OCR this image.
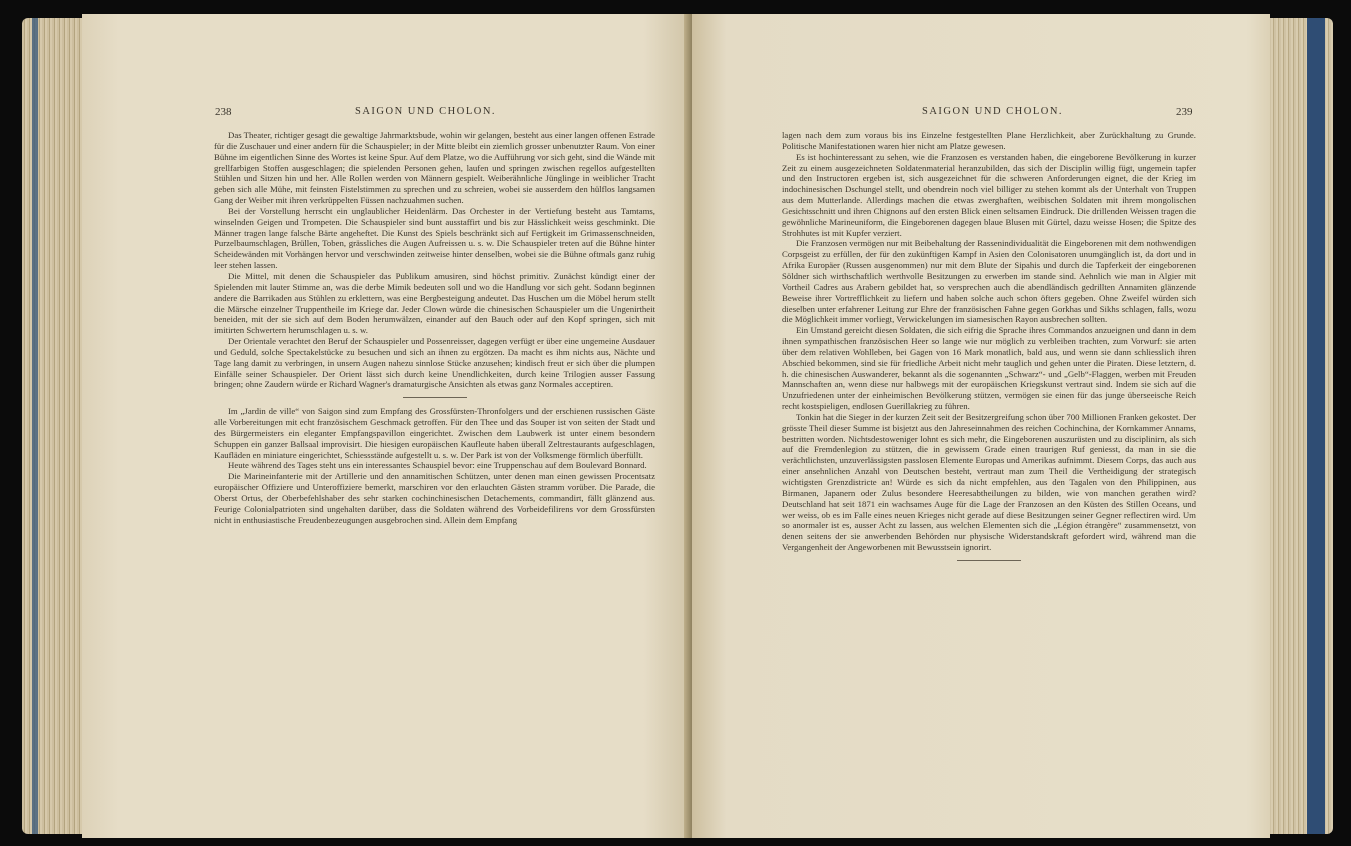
238	SAIGON UND CHOLON.

Das Theater, richtiger gesagt die gewaltige Jahrmarktsbude, wohin wir gelangen, besteht aus einer langen offenen Estrade für die Zuschauer und einer andern für die Schauspieler; in der Mitte bleibt ein ziemlich grosser unbenutzter Raum. Von einer Bühne im eigentlichen Sinne des Wortes ist keine Spur. Auf dem Platze, wo die Aufführung vor sich geht, sind die Wände mit grellfarbigen Stoffen ausgeschlagen; die spielenden Personen gehen, laufen und springen zwischen regellos aufgestellten Stühlen und Sitzen hin und her. Alle Rollen werden von Männern gespielt. Weiberähnliche Jünglinge in weiblicher Tracht geben sich alle Mühe, mit feinsten Fistelstimmen zu sprechen und zu schreien, wobei sie ausserdem den hülflos langsamen Gang der Weiber mit ihren verkrüppelten Füssen nachzuahmen suchen.

Bei der Vorstellung herrscht ein unglaublicher Heidenlärm. Das Orchester in der Vertiefung besteht aus Tamtams, winselnden Geigen und Trompeten. Die Schauspieler sind bunt ausstaffirt und bis zur Hässlichkeit weiss geschminkt. Die Männer tragen lange falsche Bärte angeheftet. Die Kunst des Spiels beschränkt sich auf Fertigkeit im Grimassenschneiden, Purzelbaumschlagen, Brüllen, Toben, grässliches die Augen Aufreissen u. s. w. Die Schauspieler treten auf die Bühne hinter Scheidewänden mit Vorhängen hervor und verschwinden zeitweise hinter denselben, wobei sie die Bühne oftmals ganz ruhig leer stehen lassen.

Die Mittel, mit denen die Schauspieler das Publikum amusiren, sind höchst primitiv. Zunächst kündigt einer der Spielenden mit lauter Stimme an, was die derbe Mimik bedeuten soll und wo die Handlung vor sich geht. Sodann beginnen andere die Barrikaden aus Stühlen zu erklettern, was eine Bergbesteigung andeutet. Das Huschen um die Möbel herum stellt die Märsche einzelner Truppentheile im Kriege dar. Jeder Clown würde die chinesischen Schauspieler um die Ungenirtheit beneiden, mit der sie sich auf dem Boden herumwälzen, einander auf den Bauch oder auf den Kopf springen, sich mit imitirten Schwertern herumschlagen u. s. w.

Der Orientale verachtet den Beruf der Schauspieler und Possenreisser, dagegen verfügt er über eine ungemeine Ausdauer und Geduld, solche Spectakelstücke zu besuchen und sich an ihnen zu ergötzen. Da macht es ihm nichts aus, Nächte und Tage lang damit zu verbringen, in unsern Augen nahezu sinnlose Stücke anzusehen; kindisch freut er sich über die plumpen Einfälle seiner Schauspieler. Der Orient lässt sich durch keine Unendlichkeiten, durch keine Trilogien ausser Fassung bringen; ohne Zaudern würde er Richard Wagner's dramaturgische Ansichten als etwas ganz Normales acceptiren.

Im „Jardin de ville“ von Saigon sind zum Empfang des Grossfürsten-Thronfolgers und der erschienen russischen Gäste alle Vorbereitungen mit echt französischem Geschmack getroffen. Für den Thee und das Souper ist von seiten der Stadt und des Bürgermeisters ein eleganter Empfangspavillon eingerichtet. Zwischen dem Laubwerk ist unter einem besondern Schuppen ein ganzer Ballsaal improvisirt. Die hiesigen europäischen Kaufleute haben überall Zeltrestaurants aufgeschlagen, Kaufläden en miniature eingerichtet, Schiessstände aufgestellt u. s. w. Der Park ist von der Volksmenge förmlich überfüllt.

Heute während des Tages steht uns ein interessantes Schauspiel bevor: eine Truppenschau auf dem Boulevard Bonnard.

Die Marineinfanterie mit der Artillerie und den annamitischen Schützen, unter denen man einen gewissen Procentsatz europäischer Offiziere und Unteroffiziere bemerkt, marschiren vor den erlauchten Gästen stramm vorüber. Die Parade, die Oberst Ortus, der Oberbefehlshaber des sehr starken cochinchinesischen Detachements, commandirt, fällt glänzend aus. Feurige Colonialpatrioten sind ungehalten darüber, dass die Soldaten während des Vorbeidefilirens vor dem Grossfürsten nicht in enthusiastische Freudenbezeugungen ausgebrochen sind. Allein dem Empfang

SAIGON UND CHOLON.	239

lagen nach dem zum voraus bis ins Einzelne festgestellten Plane Herzlichkeit, aber Zurückhaltung zu Grunde. Politische Manifestationen waren hier nicht am Platze gewesen.

Es ist hochinteressant zu sehen, wie die Franzosen es verstanden haben, die eingeborene Bevölkerung in kurzer Zeit zu einem ausgezeichneten Soldatenmaterial heranzubilden, das sich der Disciplin willig fügt, ungemein tapfer und den Instructoren ergeben ist, sich ausgezeichnet für die schweren Anforderungen eignet, die der Krieg im indochinesischen Dschungel stellt, und obendrein noch viel billiger zu stehen kommt als der Unterhalt von Truppen aus dem Mutterlande. Allerdings machen die etwas zwerghaften, weibischen Soldaten mit ihrem mongolischen Gesichtsschnitt und ihren Chignons auf den ersten Blick einen seltsamen Eindruck. Die drillenden Weissen tragen die gewöhnliche Marineuniform, die Eingeborenen dagegen blaue Blusen mit Gürtel, dazu weisse Hosen; die Spitze des Strohhutes ist mit Kupfer verziert.

Die Franzosen vermögen nur mit Beibehaltung der Rassenindividualität die Eingeborenen mit dem nothwendigen Corpsgeist zu erfüllen, der für den zukünftigen Kampf in Asien den Colonisatoren unumgänglich ist, da dort und in Afrika Europäer (Russen ausgenommen) nur mit dem Blute der Sipahis und durch die Tapferkeit der eingeborenen Söldner sich wirthschaftlich werthvolle Besitzungen zu erwerben im stande sind. Aehnlich wie man in Algier mit Vortheil Cadres aus Arabern gebildet hat, so versprechen auch die abendländisch gedrillten Annamiten glänzende Beweise ihrer Vortrefflichkeit zu liefern und haben solche auch schon öfters gegeben. Ohne Zweifel würden sich dieselben unter erfahrener Leitung zur Ehre der französischen Fahne gegen Gorkhas und Sikhs schlagen, falls, wozu die Möglichkeit immer vorliegt, Verwickelungen im siamesischen Rayon ausbrechen sollten.

Ein Umstand gereicht diesen Soldaten, die sich eifrig die Sprache ihres Commandos anzueignen und dann in dem ihnen sympathischen französischen Heer so lange wie nur möglich zu verbleiben trachten, zum Vorwurf: sie arten über dem relativen Wohlleben, bei Gagen von 16 Mark monatlich, bald aus, und wenn sie dann schliesslich ihren Abschied bekommen, sind sie für friedliche Arbeit nicht mehr tauglich und gehen unter die Piraten. Diese letztern, d. h. die chinesischen Auswanderer, bekannt als die sogenannten „Schwarz“- und „Gelb“-Flaggen, werben mit Freuden Mannschaften an, wenn diese nur halbwegs mit der europäischen Kriegskunst vertraut sind. Indem sie sich auf die Unzufriedenen unter der einheimischen Bevölkerung stützen, vermögen sie einen für das junge überseeische Reich recht kostspieligen, endlosen Guerillakrieg zu führen.

Tonkin hat die Sieger in der kurzen Zeit seit der Besitzergreifung schon über 700 Millionen Franken gekostet. Der grösste Theil dieser Summe ist bisjetzt aus den Jahreseinnahmen des reichen Cochinchina, der Kornkammer Annams, bestritten worden. Nichtsdestoweniger lohnt es sich mehr, die Eingeborenen auszurüsten und zu disciplinirn, als sich auf die Fremdenlegion zu stützen, die in gewissem Grade einen traurigen Ruf geniesst, da man in sie die verächtlichsten, unzuverlässigsten passlosen Elemente Europas und Amerikas aufnimmt. Diesem Corps, das auch aus einer ansehnlichen Anzahl von Deutschen besteht, vertraut man zum Theil die Vertheidigung der strategisch wichtigsten Grenzdistricte an! Würde es sich da nicht empfehlen, aus den Tagalen von den Philippinen, aus Birmanen, Japanern oder Zulus besondere Heeresabtheilungen zu bilden, wie von manchen gerathen wird? Deutschland hat seit 1871 ein wachsames Auge für die Lage der Franzosen an den Küsten des Stillen Oceans, und wer weiss, ob es im Falle eines neuen Krieges nicht gerade auf diese Besitzungen seiner Gegner reflectiren wird. Um so anormaler ist es, ausser Acht zu lassen, aus welchen Elementen sich die „Légion étrangère“ zusammensetzt, von denen seitens der sie anwerbenden Behörden nur physische Widerstandskraft gefordert wird, während man die Vergangenheit der Angeworbenen mit Bewusstsein ignorirt.
